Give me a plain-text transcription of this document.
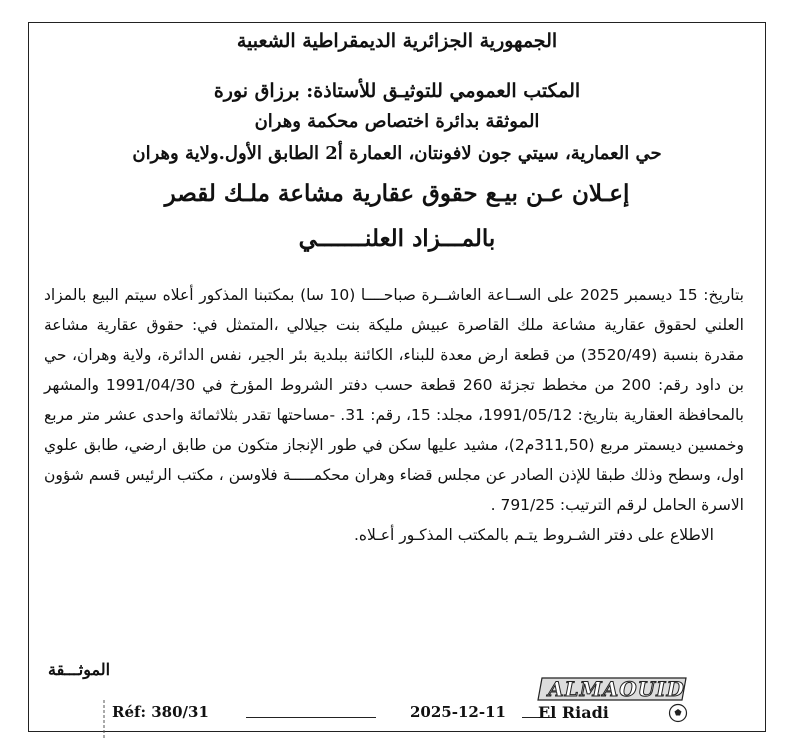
الجمهورية الجزائرية الديمقراطية الشعبية
المكتب العمومي للتوثيـق للأستاذة: برزاق نورة
الموثقة بدائرة اختصاص محكمة وهران
حي العمارية، سيتي جون لافونتان، العمارة أ2 الطابق الأول.ولاية وهران
إعـلان عـن بيـع حقوق عقارية مشاعة ملـك لقصر
بالمـــزاد العلنـــــــي

بتاريخ: 15 ديسمبر 2025 على الســاعة العاشــرة صباحــــا (10 سا) بمكتبنا المذكور أعلاه سيتم البيع بالمزاد العلني لحقوق عقارية مشاعة ملك القاصرة عبيش مليكة بنت جيلالي ،المتمثل في: حقوق عقارية مشاعة مقدرة بنسبة (3520/49) من قطعة ارض معدة للبناء، الكائنة ببلدية بئر الجير، نفس الدائرة، ولاية وهران، حي بن داود رقم: 200 من مخطط تجزئة 260 قطعة حسب دفتر الشروط المؤرخ في 1991/04/30 والمشهر بالمحافظة العقارية بتاريخ: 1991/05/12، مجلد: 15، رقم: 31. -مساحتها تقدر بثلاثمائة واحدى عشر متر مربع وخمسين ديسمتر مربع (311,50م2)، مشيد عليها سكن في طور الإنجاز متكون من طابق ارضي، طابق علوي اول، وسطح وذلك طبقا للإذن الصادر عن مجلس قضاء وهران محكمـــــة فلاوسن ، مكتب الرئيس قسم شؤون الاسرة الحامل لرقم الترتيب: 791/25 .

الاطلاع على دفتر الشـروط يتـم بالمكتب المذكـور أعـلاه.

الموثـــقة
Réf: 380/31	2025-12-11
ALMAOUID
El Riadi
